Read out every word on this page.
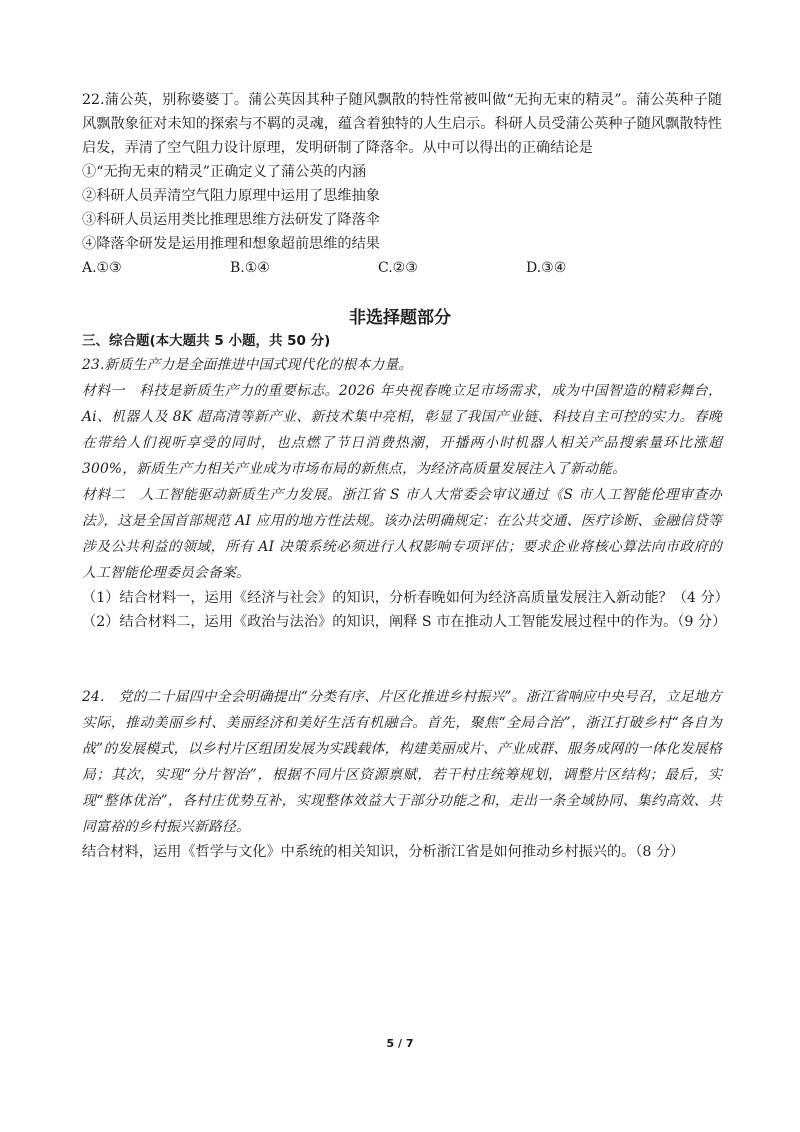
22.蒲公英，别称婆婆丁。蒲公英因其种子随风飘散的特性常被叫做“无拘无束的精灵”。蒲公英种子随风飘散象征对未知的探索与不羁的灵魂，蕴含着独特的人生启示。科研人员受蒲公英种子随风飘散特性启发，弄清了空气阻力设计原理，发明研制了降落伞。从中可以得出的正确结论是

①“无拘无束的精灵”正确定义了蒲公英的内涵

②科研人员弄清空气阻力原理中运用了思维抽象

③科研人员运用类比推理思维方法研发了降落伞

④降落伞研发是运用推理和想象超前思维的结果

A.①③	B.①④	C.②③	D.③④
非选择题部分

三、综合题(本大题共 5 小题，共 50 分)

23.新质生产力是全面推进中国式现代化的根本力量。

材料一　科技是新质生产力的重要标志。2026 年央视春晚立足市场需求，成为中国智造的精彩舞台，Ai、机器人及 8K 超高清等新产业、新技术集中亮相，彰显了我国产业链、科技自主可控的实力。春晚在带给人们视听享受的同时，也点燃了节日消费热潮，开播两小时机器人相关产品搜索量环比涨超 300%，新质生产力相关产业成为市场布局的新焦点，为经济高质量发展注入了新动能。

材料二　人工智能驱动新质生产力发展。浙江省 S 市人大常委会审议通过《S 市人工智能伦理审查办法》，这是全国首部规范 AI 应用的地方性法规。该办法明确规定：在公共交通、医疗诊断、金融信贷等涉及公共利益的领域，所有 AI 决策系统必须进行人权影响专项评估；要求企业将核心算法向市政府的人工智能伦理委员会备案。

（1）结合材料一，运用《经济与社会》的知识，分析春晚如何为经济高质量发展注入新动能？（4 分）

（2）结合材料二，运用《政治与法治》的知识，阐释 S 市在推动人工智能发展过程中的作为。（9 分）

24.　党的二十届四中全会明确提出“分类有序、片区化推进乡村振兴”。浙江省响应中央号召，立足地方实际，推动美丽乡村、美丽经济和美好生活有机融合。首先，聚焦“全局合治”，浙江打破乡村“各自为战”的发展模式，以乡村片区组团发展为实践载体，构建美丽成片、产业成群、服务成网的一体化发展格局；其次，实现“分片智治”，根据不同片区资源禀赋，若干村庄统筹规划，调整片区结构；最后，实现“整体优治”，各村庄优势互补，实现整体效益大于部分功能之和，走出一条全域协同、集约高效、共同富裕的乡村振兴新路径。

结合材料，运用《哲学与文化》中系统的相关知识，分析浙江省是如何推动乡村振兴的。（8 分）

5 / 7
